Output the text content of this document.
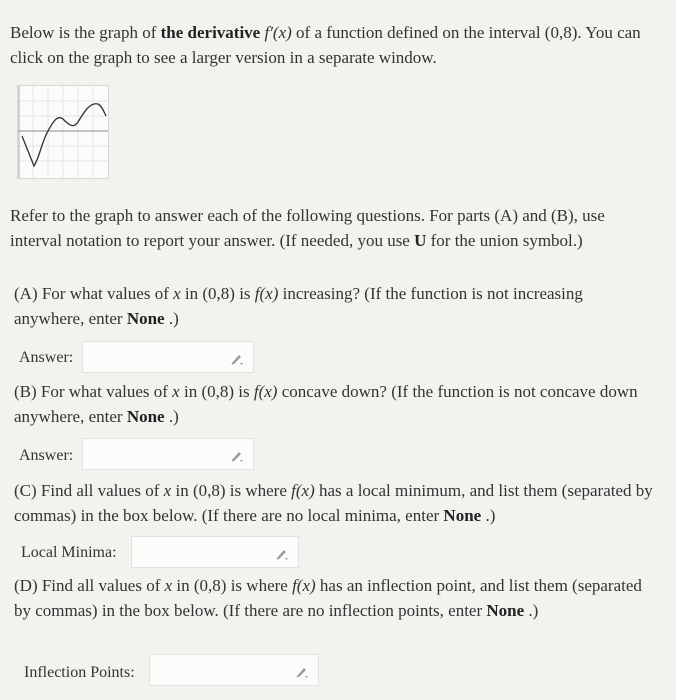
Below is the graph of the derivative f′(x) of a function defined on the interval (0,8). You can click on the graph to see a larger version in a separate window.
Refer to the graph to answer each of the following questions. For parts (A) and (B), use interval notation to report your answer. (If needed, you use U for the union symbol.)
(A) For what values of x in (0,8) is f(x) increasing? (If the function is not increasing anywhere, enter None .)
Answer:
(B) For what values of x in (0,8) is f(x) concave down? (If the function is not concave down anywhere, enter None .)
Answer:
(C) Find all values of x in (0,8) is where f(x) has a local minimum, and list them (separated by commas) in the box below. (If there are no local minima, enter None .)
Local Minima:
(D) Find all values of x in (0,8) is where f(x) has an inflection point, and list them (separated by commas) in the box below. (If there are no inflection points, enter None .)
Inflection Points:
